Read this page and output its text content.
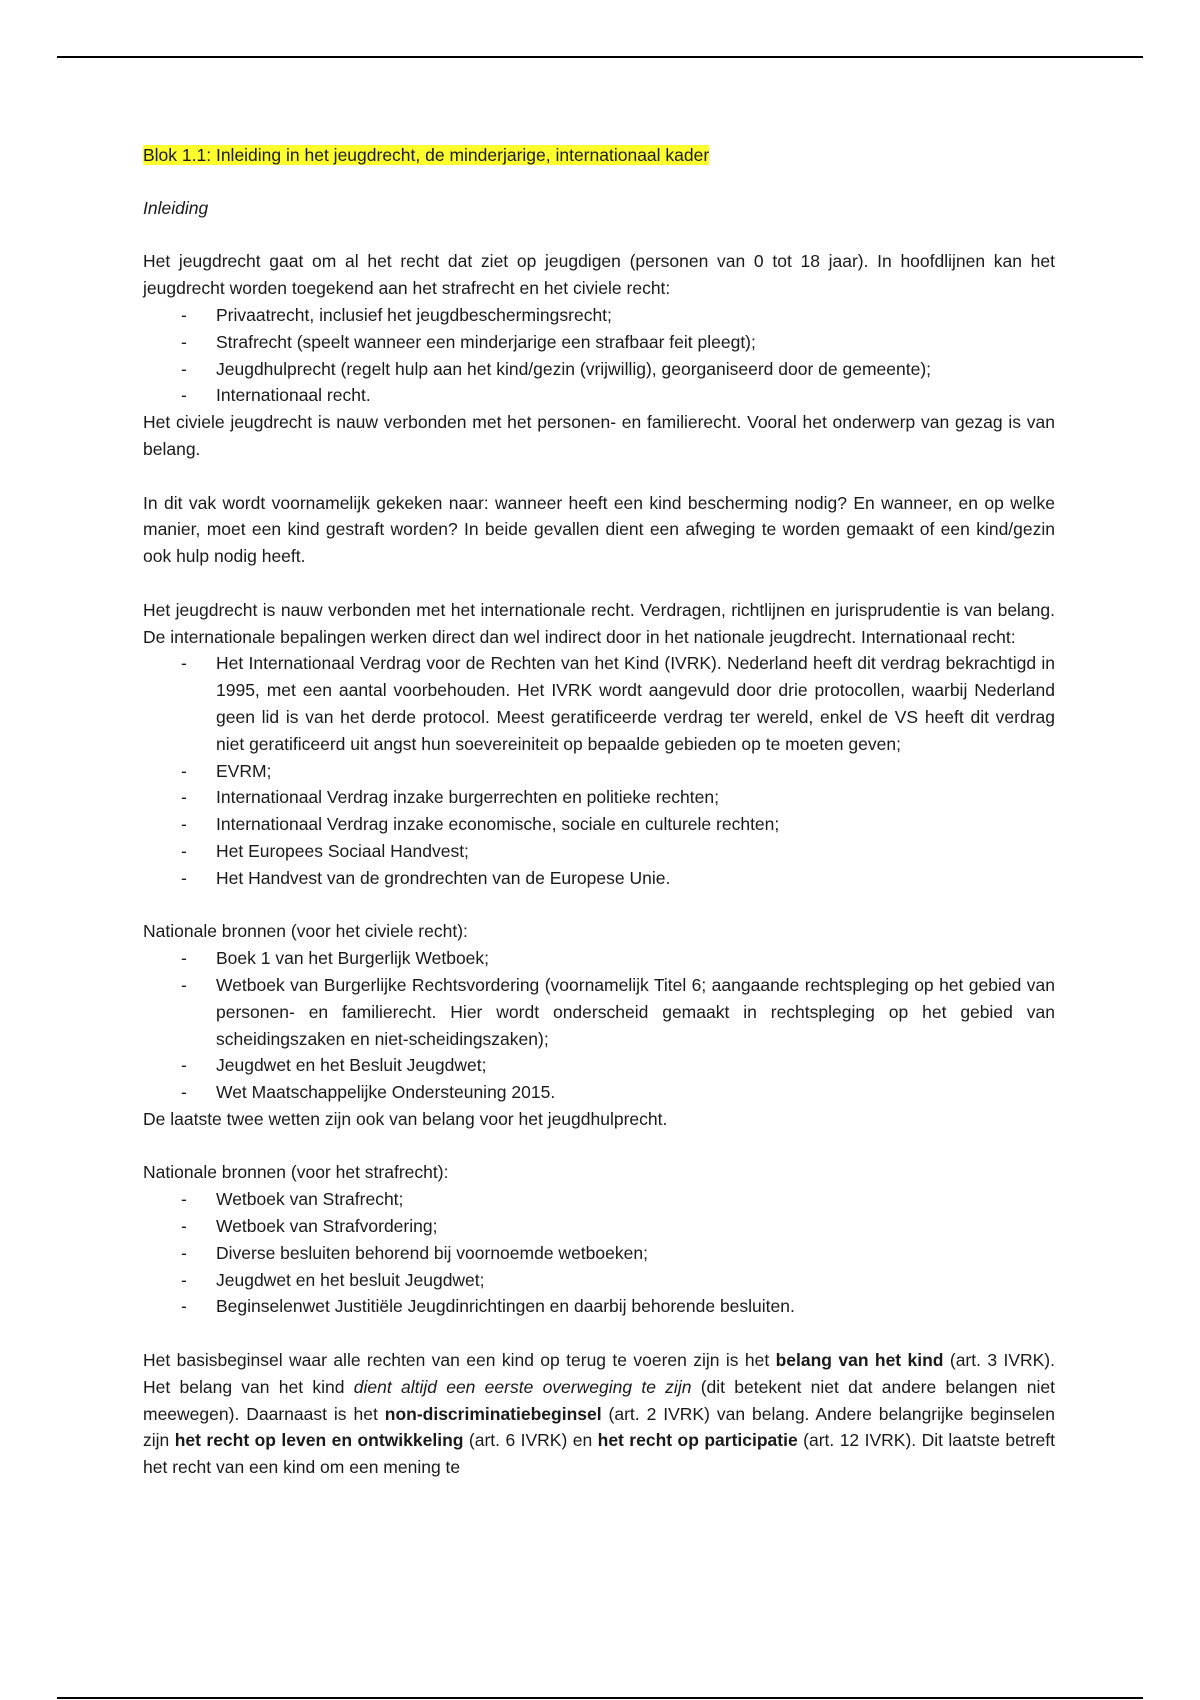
Blok 1.1: Inleiding in het jeugdrecht, de minderjarige, internationaal kader

Inleiding

Het jeugdrecht gaat om al het recht dat ziet op jeugdigen (personen van 0 tot 18 jaar). In hoofdlijnen kan het jeugdrecht worden toegekend aan het strafrecht en het civiele recht:

- Privaatrecht, inclusief het jeugdbeschermingsrecht;
- Strafrecht (speelt wanneer een minderjarige een strafbaar feit pleegt);
- Jeugdhulprecht (regelt hulp aan het kind/gezin (vrijwillig), georganiseerd door de gemeente);
- Internationaal recht.

Het civiele jeugdrecht is nauw verbonden met het personen- en familierecht. Vooral het onderwerp van gezag is van belang.

In dit vak wordt voornamelijk gekeken naar: wanneer heeft een kind bescherming nodig? En wanneer, en op welke manier, moet een kind gestraft worden? In beide gevallen dient een afweging te worden gemaakt of een kind/gezin ook hulp nodig heeft.

Het jeugdrecht is nauw verbonden met het internationale recht. Verdragen, richtlijnen en jurisprudentie is van belang. De internationale bepalingen werken direct dan wel indirect door in het nationale jeugdrecht. Internationaal recht:

- Het Internationaal Verdrag voor de Rechten van het Kind (IVRK). Nederland heeft dit verdrag bekrachtigd in 1995, met een aantal voorbehouden. Het IVRK wordt aangevuld door drie protocollen, waarbij Nederland geen lid is van het derde protocol. Meest geratificeerde verdrag ter wereld, enkel de VS heeft dit verdrag niet geratificeerd uit angst hun soevereiniteit op bepaalde gebieden op te moeten geven;
- EVRM;
- Internationaal Verdrag inzake burgerrechten en politieke rechten;
- Internationaal Verdrag inzake economische, sociale en culturele rechten;
- Het Europees Sociaal Handvest;
- Het Handvest van de grondrechten van de Europese Unie.

Nationale bronnen (voor het civiele recht):

- Boek 1 van het Burgerlijk Wetboek;
- Wetboek van Burgerlijke Rechtsvordering (voornamelijk Titel 6; aangaande rechtspleging op het gebied van personen- en familierecht. Hier wordt onderscheid gemaakt in rechtspleging op het gebied van scheidingszaken en niet-scheidingszaken);
- Jeugdwet en het Besluit Jeugdwet;
- Wet Maatschappelijke Ondersteuning 2015.

De laatste twee wetten zijn ook van belang voor het jeugdhulprecht.

Nationale bronnen (voor het strafrecht):

- Wetboek van Strafrecht;
- Wetboek van Strafvordering;
- Diverse besluiten behorend bij voornoemde wetboeken;
- Jeugdwet en het besluit Jeugdwet;
- Beginselenwet Justitiële Jeugdinrichtingen en daarbij behorende besluiten.

Het basisbeginsel waar alle rechten van een kind op terug te voeren zijn is het belang van het kind (art. 3 IVRK). Het belang van het kind dient altijd een eerste overweging te zijn (dit betekent niet dat andere belangen niet meewegen). Daarnaast is het non-discriminatiebeginsel (art. 2 IVRK) van belang. Andere belangrijke beginselen zijn het recht op leven en ontwikkeling (art. 6 IVRK) en het recht op participatie (art. 12 IVRK). Dit laatste betreft het recht van een kind om een mening te
